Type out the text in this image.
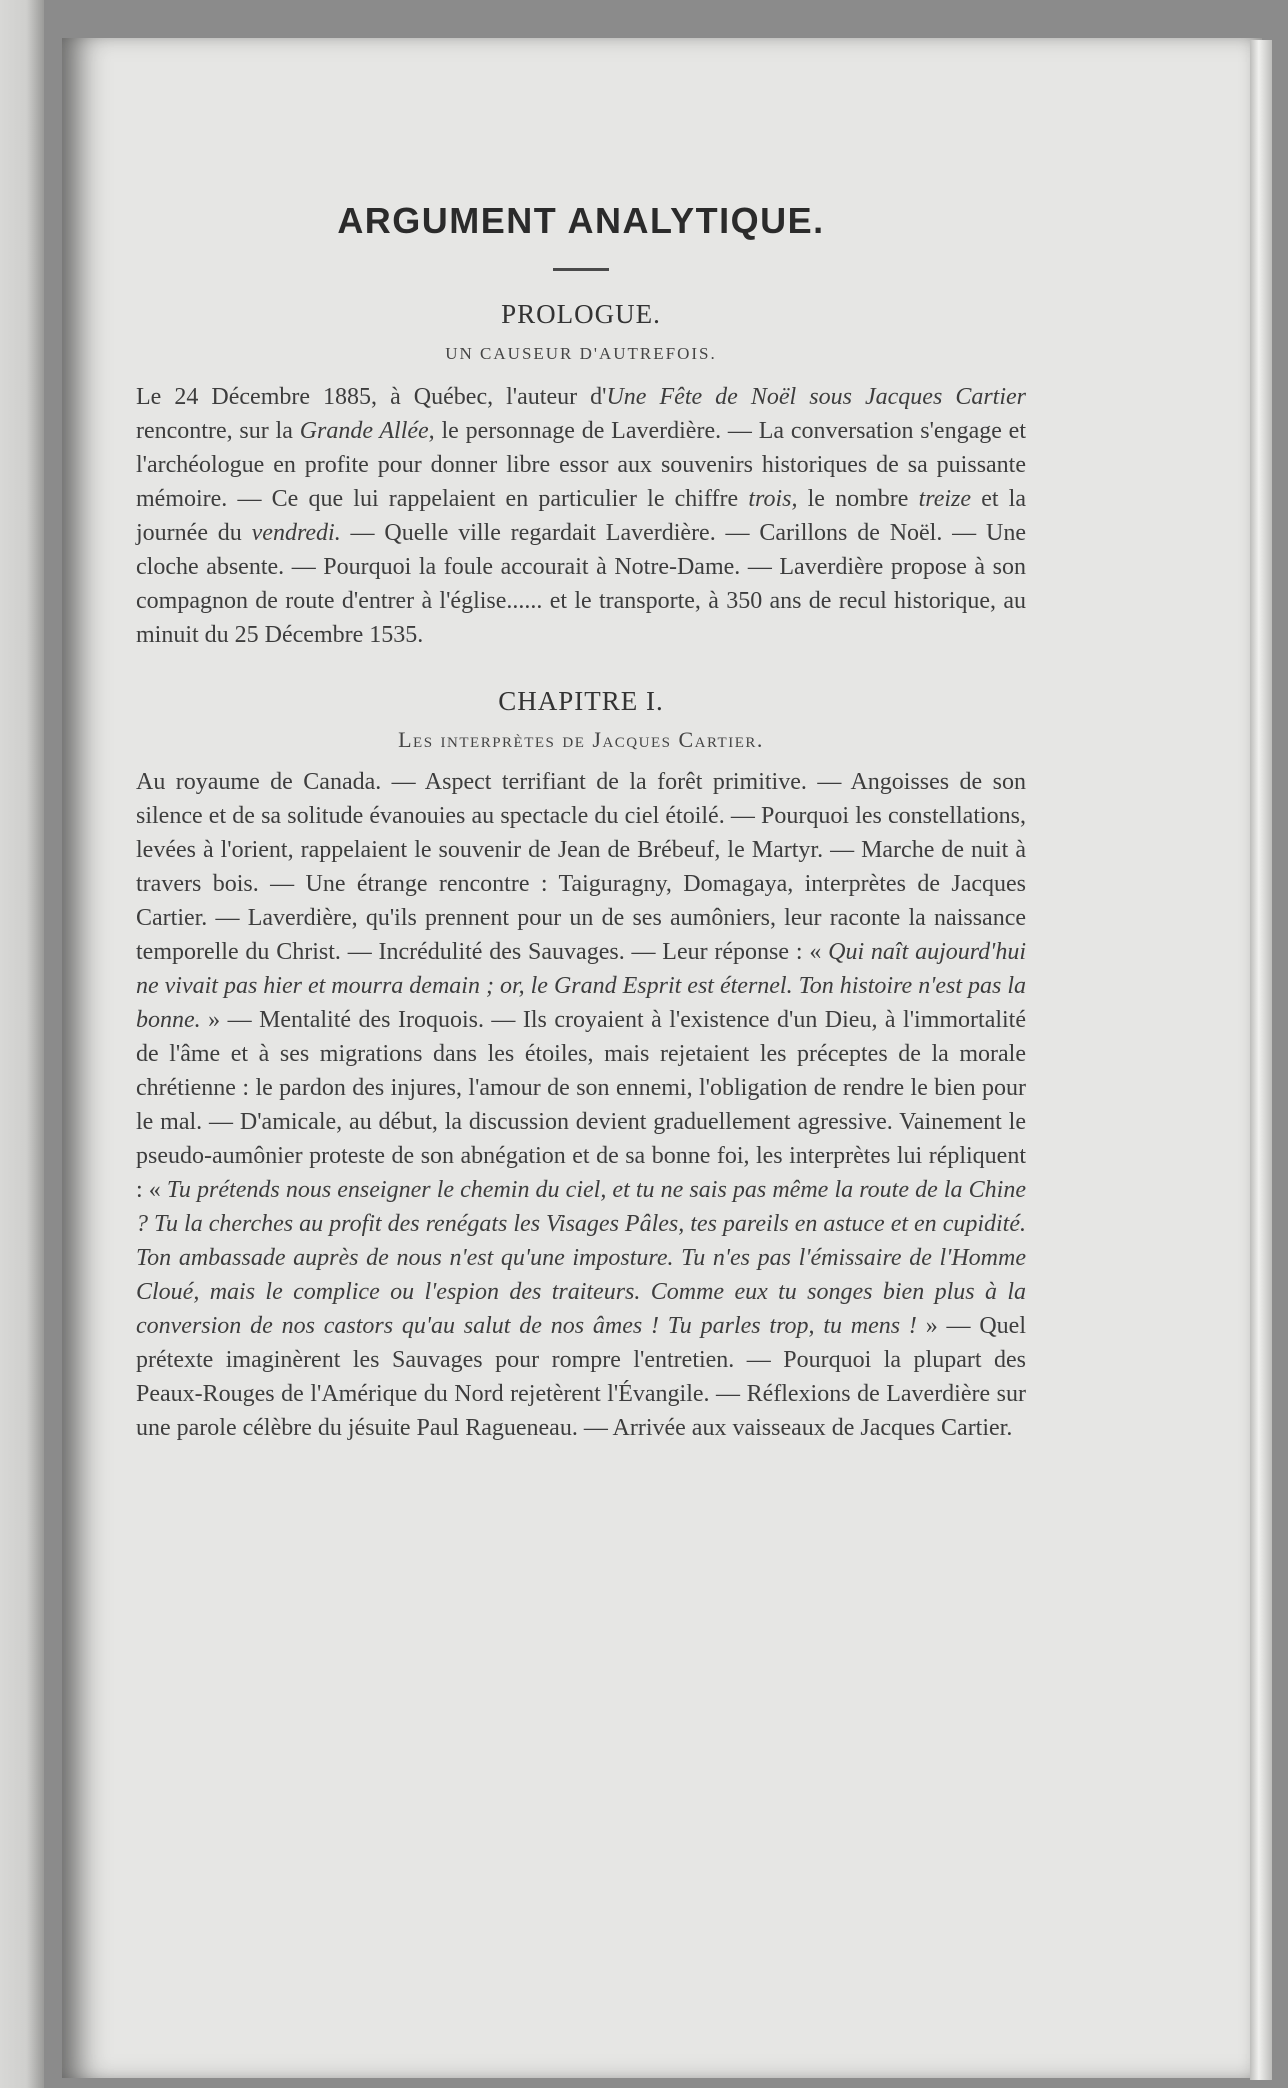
ARGUMENT ANALYTIQUE.
PROLOGUE.
UN CAUSEUR D'AUTREFOIS.

Le 24 Décembre 1885, à Québec, l'auteur d'Une Fête de Noël sous Jacques Cartier rencontre, sur la Grande Allée, le personnage de Laverdière. — La conversation s'engage et l'archéologue en profite pour donner libre essor aux souvenirs historiques de sa puissante mémoire. — Ce que lui rappelaient en particulier le chiffre trois, le nombre treize et la journée du vendredi. — Quelle ville regardait Laverdière. — Carillons de Noël. — Une cloche absente. — Pourquoi la foule accourait à Notre-Dame. — Laverdière propose à son compagnon de route d'entrer à l'église...... et le transporte, à 350 ans de recul historique, au minuit du 25 Décembre 1535.

CHAPITRE I.
Les interprètes de Jacques Cartier.

Au royaume de Canada. — Aspect terrifiant de la forêt primitive. — Angoisses de son silence et de sa solitude évanouies au spectacle du ciel étoilé. — Pourquoi les constellations, levées à l'orient, rappelaient le souvenir de Jean de Brébeuf, le Martyr. — Marche de nuit à travers bois. — Une étrange rencontre : Taiguragny, Domagaya, interprètes de Jacques Cartier. — Laverdière, qu'ils prennent pour un de ses aumôniers, leur raconte la naissance temporelle du Christ. — Incrédulité des Sauvages. — Leur réponse : « Qui naît aujourd'hui ne vivait pas hier et mourra demain ; or, le Grand Esprit est éternel. Ton histoire n'est pas la bonne. » — Mentalité des Iroquois. — Ils croyaient à l'existence d'un Dieu, à l'immortalité de l'âme et à ses migrations dans les étoiles, mais rejetaient les préceptes de la morale chrétienne : le pardon des injures, l'amour de son ennemi, l'obligation de rendre le bien pour le mal. — D'amicale, au début, la discussion devient graduellement agressive. Vainement le pseudo-aumônier proteste de son abnégation et de sa bonne foi, les interprètes lui répliquent : « Tu prétends nous enseigner le chemin du ciel, et tu ne sais pas même la route de la Chine ? Tu la cherches au profit des renégats les Visages Pâles, tes pareils en astuce et en cupidité. Ton ambassade auprès de nous n'est qu'une imposture. Tu n'es pas l'émissaire de l'Homme Cloué, mais le complice ou l'espion des traiteurs. Comme eux tu songes bien plus à la conversion de nos castors qu'au salut de nos âmes ! Tu parles trop, tu mens ! » — Quel prétexte imaginèrent les Sauvages pour rompre l'entretien. — Pourquoi la plupart des Peaux-Rouges de l'Amérique du Nord rejetèrent l'Évangile. — Réflexions de Laverdière sur une parole célèbre du jésuite Paul Ragueneau. — Arrivée aux vaisseaux de Jacques Cartier.
